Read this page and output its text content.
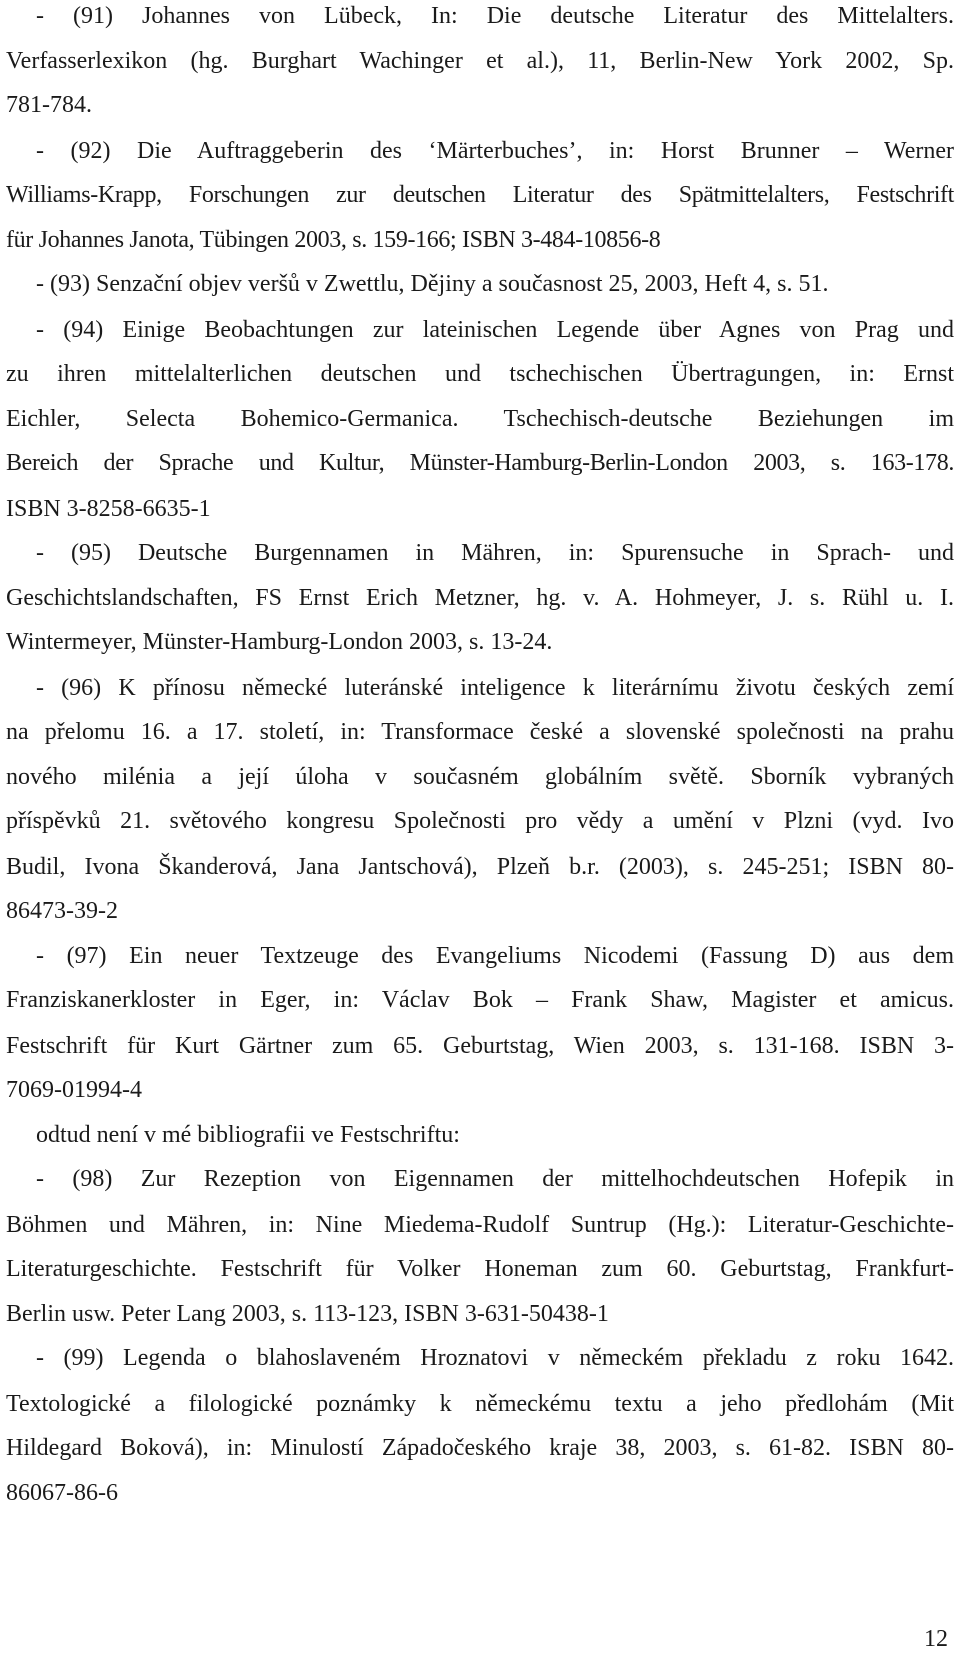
- (91) Johannes von Lübeck, In: Die deutsche Literatur des Mittelalters.
Verfasserlexikon (hg. Burghart Wachinger et al.), 11, Berlin-New York 2002, Sp.
781-784.
- (92) Die Auftraggeberin des ‘Märterbuches’, in: Horst Brunner – Werner
Williams-Krapp, Forschungen zur deutschen Literatur des Spätmittelalters, Festschrift
für Johannes Janota, Tübingen 2003, s. 159-166; ISBN 3-484-10856-8
- (93) Senzační objev veršů v Zwettlu, Dějiny a současnost 25, 2003, Heft 4, s. 51.
- (94) Einige Beobachtungen zur lateinischen Legende über Agnes von Prag und
zu ihren mittelalterlichen deutschen und tschechischen Übertragungen, in: Ernst
Eichler, Selecta Bohemico-Germanica. Tschechisch-deutsche Beziehungen im
Bereich der Sprache und Kultur, Münster-Hamburg-Berlin-London 2003, s. 163-178.
ISBN 3-8258-6635-1
- (95) Deutsche Burgennamen in Mähren, in: Spurensuche in Sprach- und
Geschichtslandschaften, FS Ernst Erich Metzner, hg. v. A. Hohmeyer, J. s. Rühl u. I.
Wintermeyer, Münster-Hamburg-London 2003, s. 13-24.
- (96) K přínosu německé luteránské inteligence k literárnímu životu českých zemí
na přelomu 16. a 17. století, in: Transformace české a slovenské společnosti na prahu
nového milénia a její úloha v současném globálním světě. Sborník vybraných
příspěvků 21. světového kongresu Společnosti pro vědy a umění v Plzni (vyd. Ivo
Budil, Ivona Škanderová, Jana Jantschová), Plzeň b.r. (2003), s. 245-251; ISBN 80-
86473-39-2
- (97) Ein neuer Textzeuge des Evangeliums Nicodemi (Fassung D) aus dem
Franziskanerkloster in Eger, in: Václav Bok – Frank Shaw, Magister et amicus.
Festschrift für Kurt Gärtner zum 65. Geburtstag, Wien 2003, s. 131-168. ISBN 3-
7069-01994-4
odtud není v mé bibliografii ve Festschriftu:
- (98) Zur Rezeption von Eigennamen der mittelhochdeutschen Hofepik in
Böhmen und Mähren, in: Nine Miedema-Rudolf Suntrup (Hg.): Literatur-Geschichte-
Literaturgeschichte. Festschrift für Volker Honeman zum 60. Geburtstag, Frankfurt-
Berlin usw. Peter Lang 2003, s. 113-123, ISBN 3-631-50438-1
- (99) Legenda o blahoslaveném Hroznatovi v německém překladu z roku 1642.
Textologické a filologické poznámky k německému textu a jeho předlohám (Mit
Hildegard Boková), in: Minulostí Západočeského kraje 38, 2003, s. 61-82. ISBN 80-
86067-86-6
12
